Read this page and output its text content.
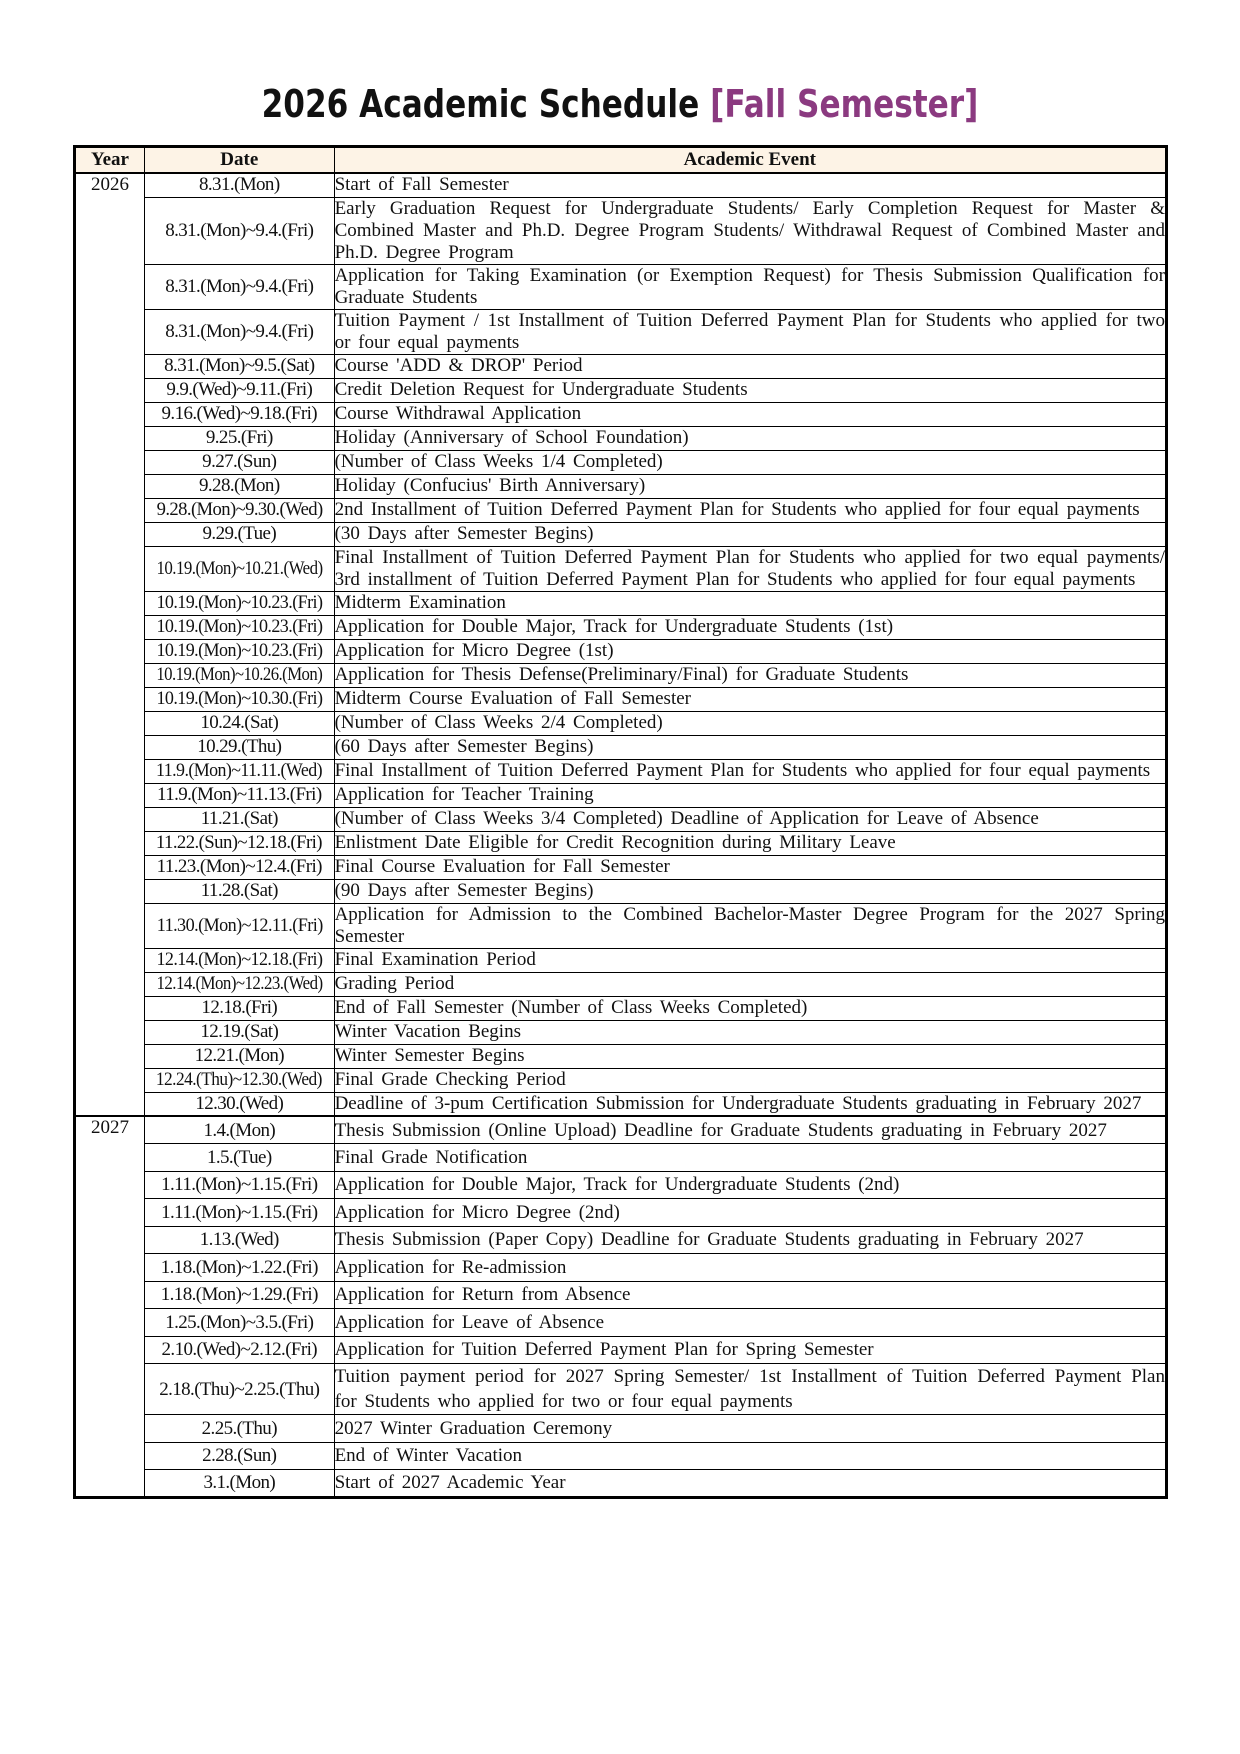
2026 Academic Schedule [Fall Semester]
Year	Date	Academic Event
2026	8.31.(Mon)	Start of Fall Semester
	8.31.(Mon)~9.4.(Fri)	Early Graduation Request for Undergraduate Students/ Early Completion Request for Master & Combined Master and Ph.D. Degree Program Students/ Withdrawal Request of Combined Master and Ph.D. Degree Program
	8.31.(Mon)~9.4.(Fri)	Application for Taking Examination (or Exemption Request) for Thesis Submission Qualification for Graduate Students
	8.31.(Mon)~9.4.(Fri)	Tuition Payment / 1st Installment of Tuition Deferred Payment Plan for Students who applied for two or four equal payments
	8.31.(Mon)~9.5.(Sat)	Course 'ADD & DROP' Period
	9.9.(Wed)~9.11.(Fri)	Credit Deletion Request for Undergraduate Students
	9.16.(Wed)~9.18.(Fri)	Course Withdrawal Application
	9.25.(Fri)	Holiday (Anniversary of School Foundation)
	9.27.(Sun)	(Number of Class Weeks 1/4 Completed)
	9.28.(Mon)	Holiday (Confucius' Birth Anniversary)
	9.28.(Mon)~9.30.(Wed)	2nd Installment of Tuition Deferred Payment Plan for Students who applied for four equal payments
	9.29.(Tue)	(30 Days after Semester Begins)
	10.19.(Mon)~10.21.(Wed)	Final Installment of Tuition Deferred Payment Plan for Students who applied for two equal payments/ 3rd installment of Tuition Deferred Payment Plan for Students who applied for four equal payments
	10.19.(Mon)~10.23.(Fri)	Midterm Examination
	10.19.(Mon)~10.23.(Fri)	Application for Double Major, Track for Undergraduate Students (1st)
	10.19.(Mon)~10.23.(Fri)	Application for Micro Degree (1st)
	10.19.(Mon)~10.26.(Mon)	Application for Thesis Defense(Preliminary/Final) for Graduate Students
	10.19.(Mon)~10.30.(Fri)	Midterm Course Evaluation of Fall Semester
	10.24.(Sat)	(Number of Class Weeks 2/4 Completed)
	10.29.(Thu)	(60 Days after Semester Begins)
	11.9.(Mon)~11.11.(Wed)	Final Installment of Tuition Deferred Payment Plan for Students who applied for four equal payments
	11.9.(Mon)~11.13.(Fri)	Application for Teacher Training
	11.21.(Sat)	(Number of Class Weeks 3/4 Completed) Deadline of Application for Leave of Absence
	11.22.(Sun)~12.18.(Fri)	Enlistment Date Eligible for Credit Recognition during Military Leave
	11.23.(Mon)~12.4.(Fri)	Final Course Evaluation for Fall Semester
	11.28.(Sat)	(90 Days after Semester Begins)
	11.30.(Mon)~12.11.(Fri)	Application for Admission to the Combined Bachelor-Master Degree Program for the 2027 Spring Semester
	12.14.(Mon)~12.18.(Fri)	Final Examination Period
	12.14.(Mon)~12.23.(Wed)	Grading Period
	12.18.(Fri)	End of Fall Semester (Number of Class Weeks Completed)
	12.19.(Sat)	Winter Vacation Begins
	12.21.(Mon)	Winter Semester Begins
	12.24.(Thu)~12.30.(Wed)	Final Grade Checking Period
	12.30.(Wed)	Deadline of 3-pum Certification Submission for Undergraduate Students graduating in February 2027
2027	1.4.(Mon)	Thesis Submission (Online Upload) Deadline for Graduate Students graduating in February 2027
	1.5.(Tue)	Final Grade Notification
	1.11.(Mon)~1.15.(Fri)	Application for Double Major, Track for Undergraduate Students (2nd)
	1.11.(Mon)~1.15.(Fri)	Application for Micro Degree (2nd)
	1.13.(Wed)	Thesis Submission (Paper Copy) Deadline for Graduate Students graduating in February 2027
	1.18.(Mon)~1.22.(Fri)	Application for Re-admission
	1.18.(Mon)~1.29.(Fri)	Application for Return from Absence
	1.25.(Mon)~3.5.(Fri)	Application for Leave of Absence
	2.10.(Wed)~2.12.(Fri)	Application for Tuition Deferred Payment Plan for Spring Semester
	2.18.(Thu)~2.25.(Thu)	Tuition payment period for 2027 Spring Semester/ 1st Installment of Tuition Deferred Payment Plan for Students who applied for two or four equal payments
	2.25.(Thu)	2027 Winter Graduation Ceremony
	2.28.(Sun)	End of Winter Vacation
	3.1.(Mon)	Start of 2027 Academic Year
